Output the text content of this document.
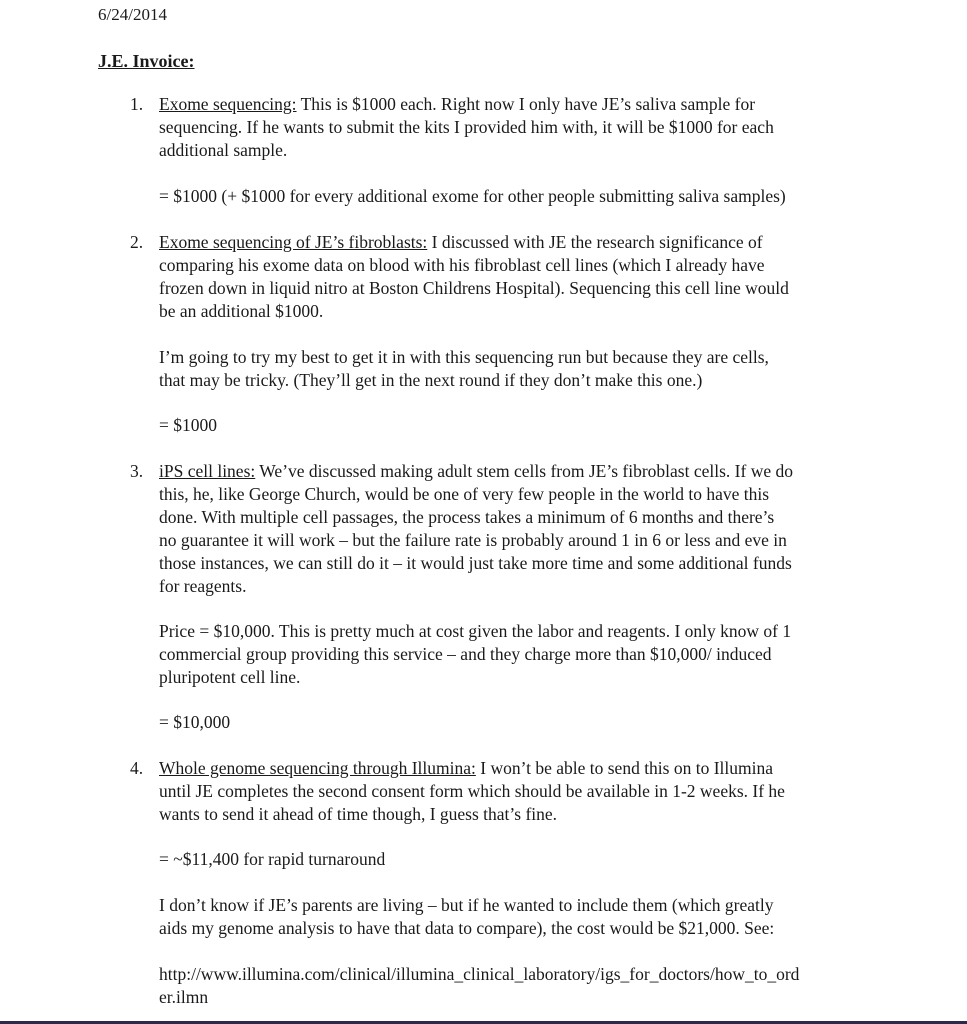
6/24/2014
J.E. Invoice:
1. Exome sequencing: This is $1000 each. Right now I only have JE’s saliva sample for
sequencing. If he wants to submit the kits I provided him with, it will be $1000 for each
additional sample.
= $1000 (+ $1000 for every additional exome for other people submitting saliva samples)
2. Exome sequencing of JE’s fibroblasts: I discussed with JE the research significance of
comparing his exome data on blood with his fibroblast cell lines (which I already have
frozen down in liquid nitro at Boston Childrens Hospital). Sequencing this cell line would
be an additional $1000.
I’m going to try my best to get it in with this sequencing run but because they are cells,
that may be tricky. (They’ll get in the next round if they don’t make this one.)
= $1000
3. iPS cell lines: We’ve discussed making adult stem cells from JE’s fibroblast cells. If we do
this, he, like George Church, would be one of very few people in the world to have this
done. With multiple cell passages, the process takes a minimum of 6 months and there’s
no guarantee it will work – but the failure rate is probably around 1 in 6 or less and eve in
those instances, we can still do it – it would just take more time and some additional funds
for reagents.
Price = $10,000. This is pretty much at cost given the labor and reagents. I only know of 1
commercial group providing this service – and they charge more than $10,000/ induced
pluripotent cell line.
= $10,000
4. Whole genome sequencing through Illumina: I won’t be able to send this on to Illumina
until JE completes the second consent form which should be available in 1-2 weeks. If he
wants to send it ahead of time though, I guess that’s fine.
= ~$11,400 for rapid turnaround
I don’t know if JE’s parents are living – but if he wanted to include them (which greatly
aids my genome analysis to have that data to compare), the cost would be $21,000. See:
http://www.illumina.com/clinical/illumina_clinical_laboratory/igs_for_doctors/how_to_ord
er.ilmn
